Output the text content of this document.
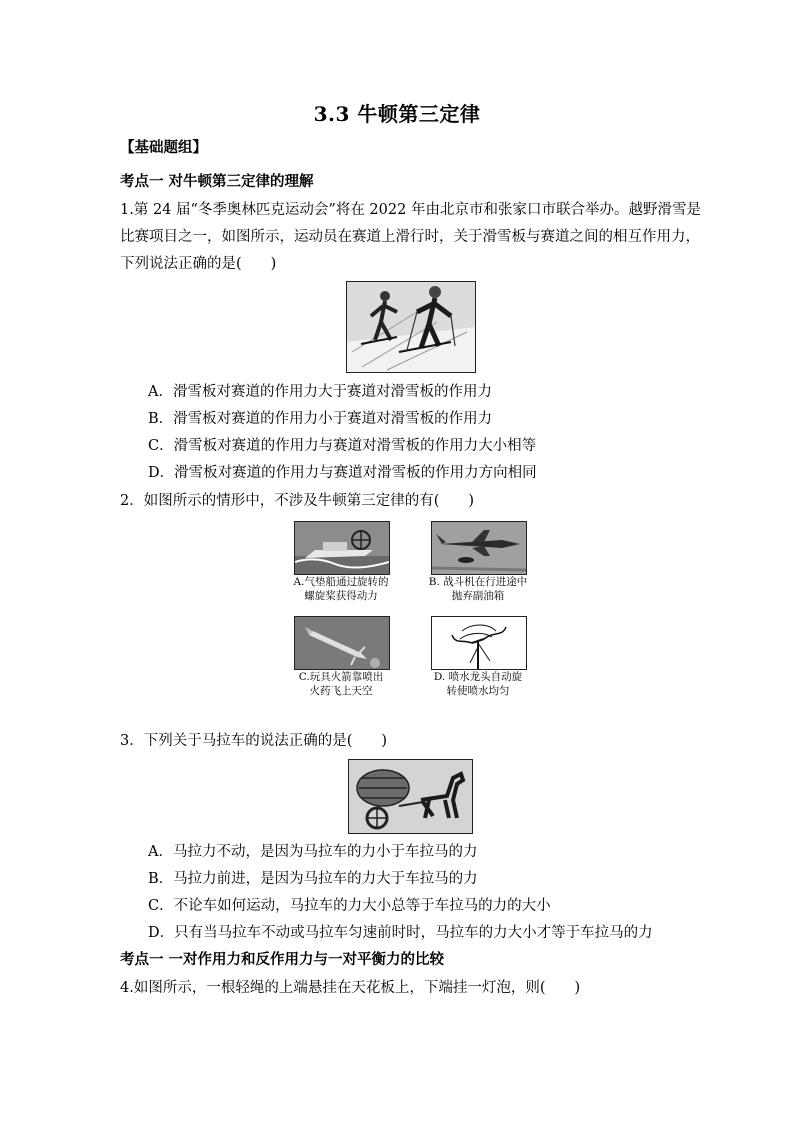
3.3 牛顿第三定律
【基础题组】
考点一 对牛顿第三定律的理解
1.第 24 届“冬季奥林匹克运动会”将在 2022 年由北京市和张家口市联合举办。越野滑雪是
比赛项目之一，如图所示，运动员在赛道上滑行时，关于滑雪板与赛道之间的相互作用力，
下列说法正确的是(　　)
A．滑雪板对赛道的作用力大于赛道对滑雪板的作用力
B．滑雪板对赛道的作用力小于赛道对滑雪板的作用力
C．滑雪板对赛道的作用力与赛道对滑雪板的作用力大小相等
D．滑雪板对赛道的作用力与赛道对滑雪板的作用力方向相同
2．如图所示的情形中，不涉及牛顿第三定律的有(　　)
A.气垫船通过旋转的
螺旋桨获得动力
B. 战斗机在行进途中
抛弃副油箱
C.玩具火箭靠喷出
火药飞上天空
D. 喷水龙头自动旋
转使喷水均匀
3．下列关于马拉车的说法正确的是(　　)
A．马拉力不动，是因为马拉车的力小于车拉马的力
B．马拉力前进，是因为马拉车的力大于车拉马的力
C．不论车如何运动，马拉车的力大小总等于车拉马的力的大小
D．只有当马拉车不动或马拉车匀速前时时，马拉车的力大小才等于车拉马的力
考点一 一对作用力和反作用力与一对平衡力的比较
4.如图所示，一根轻绳的上端悬挂在天花板上，下端挂一灯泡，则(　　)
